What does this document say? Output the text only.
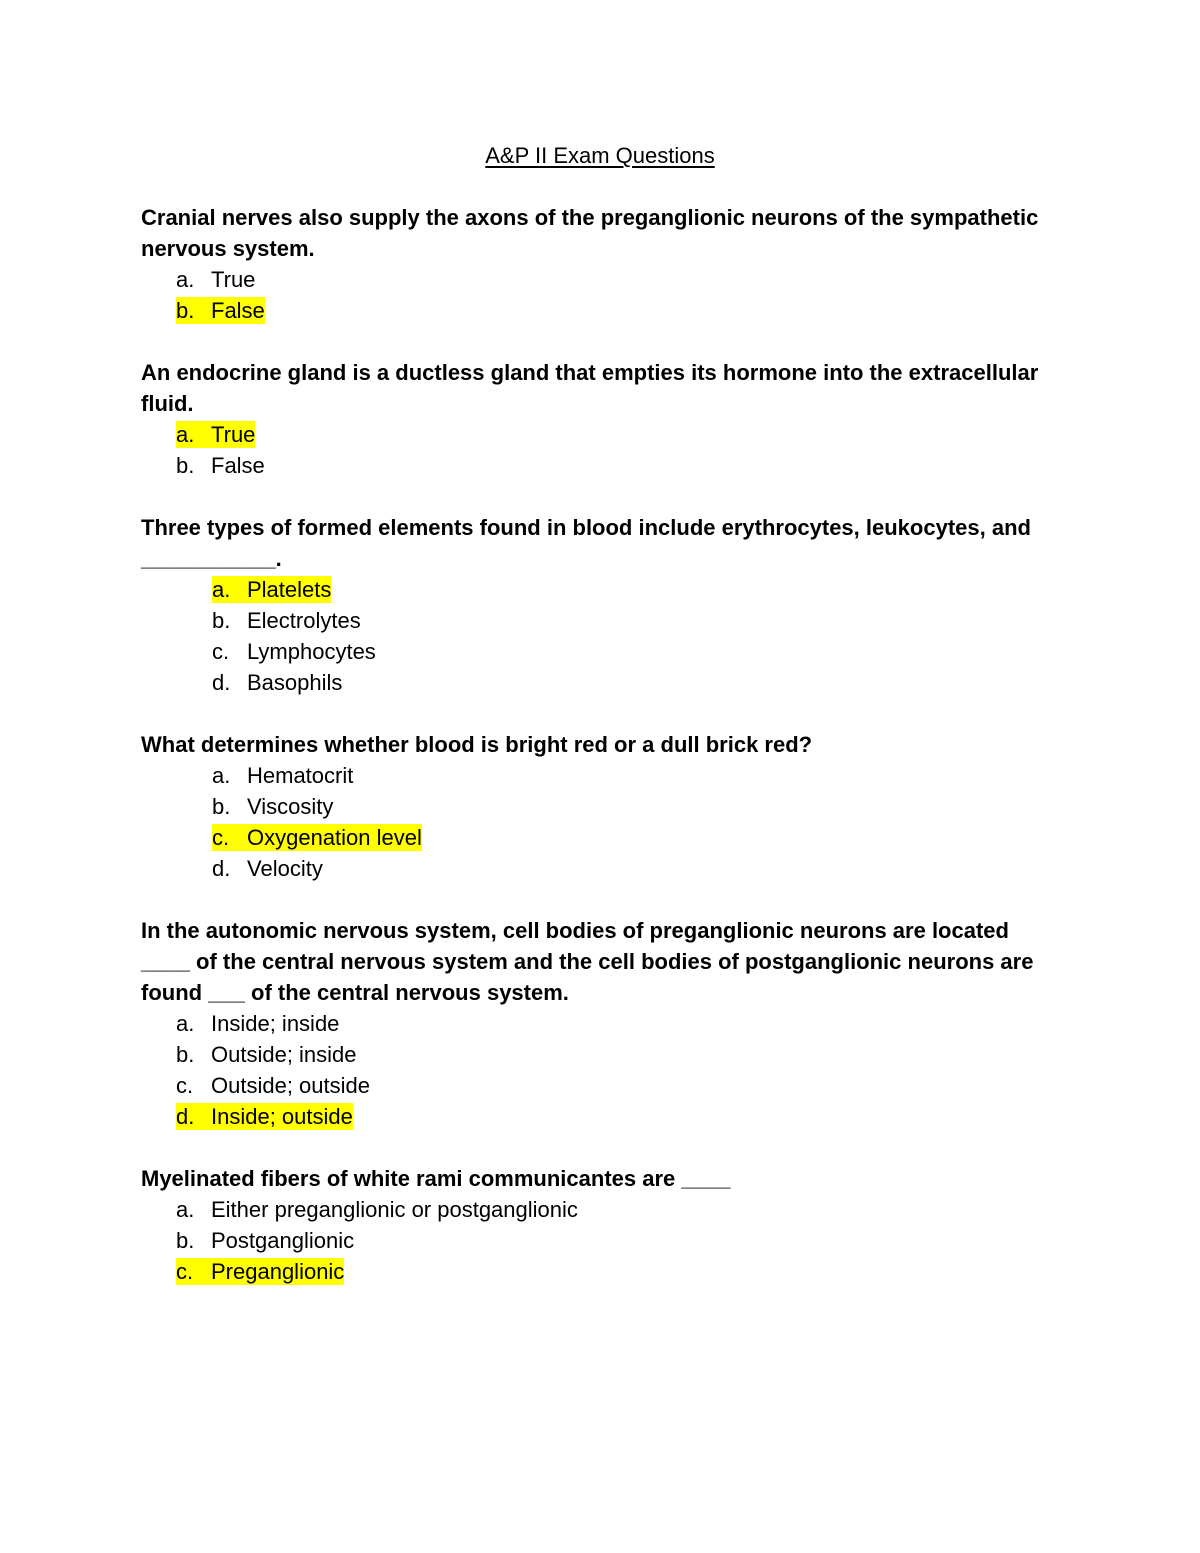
A&P II Exam Questions

Cranial nerves also supply the axons of the preganglionic neurons of the sympathetic nervous system.

a. True
b. False

An endocrine gland is a ductless gland that empties its hormone into the extracellular fluid.

a. True
b. False

Three types of formed elements found in blood include erythrocytes, leukocytes, and ___________.

a. Platelets
b. Electrolytes
c. Lymphocytes
d. Basophils

What determines whether blood is bright red or a dull brick red?

a. Hematocrit
b. Viscosity
c. Oxygenation level
d. Velocity

In the autonomic nervous system, cell bodies of preganglionic neurons are located ____ of the central nervous system and the cell bodies of postganglionic neurons are found ___ of the central nervous system.

a. Inside; inside
b. Outside; inside
c. Outside; outside
d. Inside; outside

Myelinated fibers of white rami communicantes are ____

a. Either preganglionic or postganglionic
b. Postganglionic
c. Preganglionic
